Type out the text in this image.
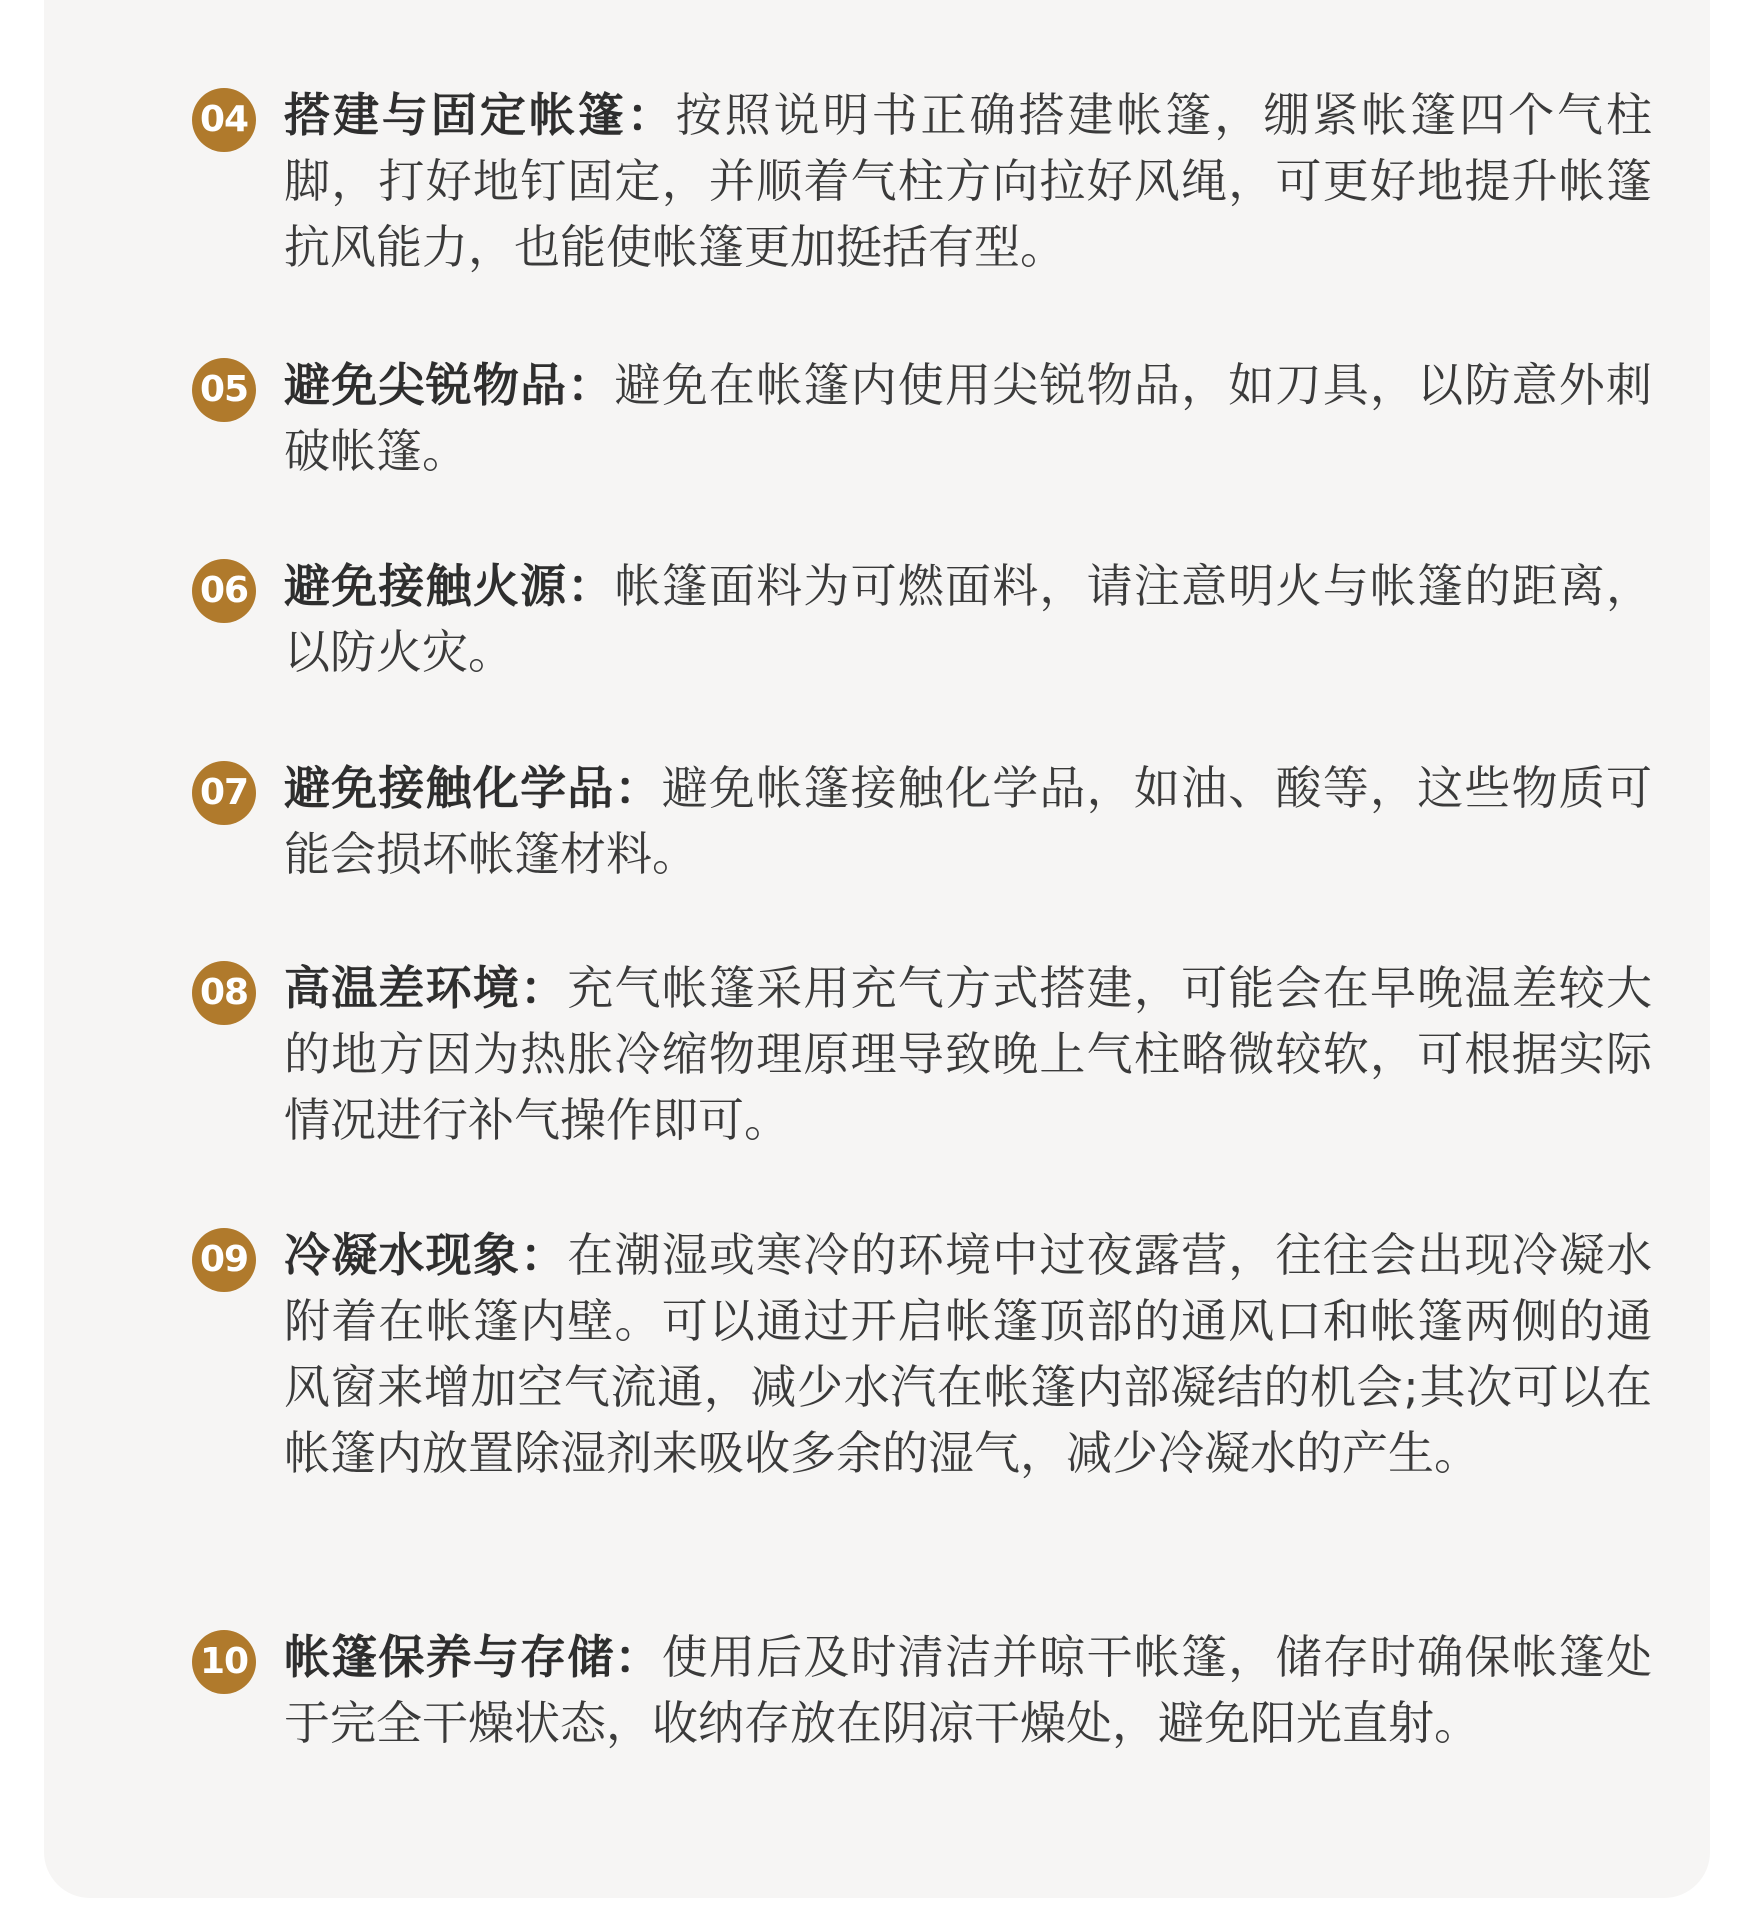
04 搭建与固定帐篷：按照说明书正确搭建帐篷，绷紧帐篷四个气柱脚，打好地钉固定，并顺着气柱方向拉好风绳，可更好地提升帐篷抗风能力，也能使帐篷更加挺括有型。
05 避免尖锐物品：避免在帐篷内使用尖锐物品，如刀具，以防意外刺破帐篷。
06 避免接触火源：帐篷面料为可燃面料，请注意明火与帐篷的距离，以防火灾。
07 避免接触化学品：避免帐篷接触化学品，如油、酸等，这些物质可能会损坏帐篷材料。
08 高温差环境：充气帐篷采用充气方式搭建，可能会在早晚温差较大的地方因为热胀冷缩物理原理导致晚上气柱略微较软，可根据实际情况进行补气操作即可。
09 冷凝水现象：在潮湿或寒冷的环境中过夜露营，往往会出现冷凝水附着在帐篷内壁。可以通过开启帐篷顶部的通风口和帐篷两侧的通风窗来增加空气流通，减少水汽在帐篷内部凝结的机会;其次可以在帐篷内放置除湿剂来吸收多余的湿气，减少冷凝水的产生。
10 帐篷保养与存储：使用后及时清洁并晾干帐篷，储存时确保帐篷处于完全干燥状态，收纳存放在阴凉干燥处，避免阳光直射。
